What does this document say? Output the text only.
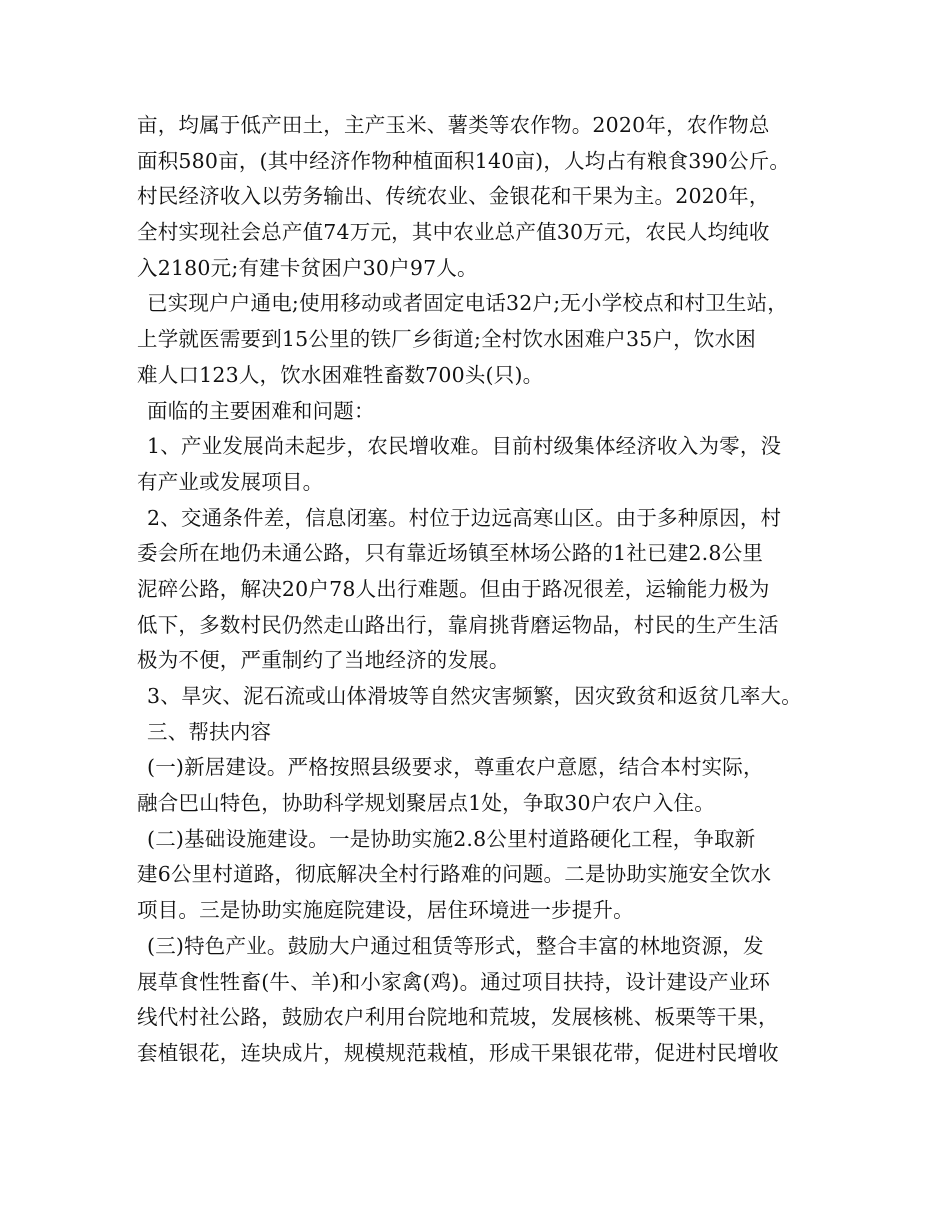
亩，均属于低产田土，主产玉米、薯类等农作物。2020年，农作物总
面积580亩，(其中经济作物种植面积140亩)，人均占有粮食390公斤。
村民经济收入以劳务输出、传统农业、金银花和干果为主。2020年，
全村实现社会总产值74万元，其中农业总产值30万元，农民人均纯收
入2180元;有建卡贫困户30户97人。
已实现户户通电;使用移动或者固定电话32户;无小学校点和村卫生站，
上学就医需要到15公里的铁厂乡街道;全村饮水困难户35户，饮水困
难人口123人，饮水困难牲畜数700头(只)。
面临的主要困难和问题：
1、产业发展尚未起步，农民增收难。目前村级集体经济收入为零，没
有产业或发展项目。
2、交通条件差，信息闭塞。村位于边远高寒山区。由于多种原因，村
委会所在地仍未通公路，只有靠近场镇至林场公路的1社已建2.8公里
泥碎公路，解决20户78人出行难题。但由于路况很差，运输能力极为
低下，多数村民仍然走山路出行，靠肩挑背磨运物品，村民的生产生活
极为不便，严重制约了当地经济的发展。
3、旱灾、泥石流或山体滑坡等自然灾害频繁，因灾致贫和返贫几率大。
三、帮扶内容
(一)新居建设。严格按照县级要求，尊重农户意愿，结合本村实际，
融合巴山特色，协助科学规划聚居点1处，争取30户农户入住。
(二)基础设施建设。一是协助实施2.8公里村道路硬化工程，争取新
建6公里村道路，彻底解决全村行路难的问题。二是协助实施安全饮水
项目。三是协助实施庭院建设，居住环境进一步提升。
(三)特色产业。鼓励大户通过租赁等形式，整合丰富的林地资源，发
展草食性牲畜(牛、羊)和小家禽(鸡)。通过项目扶持，设计建设产业环
线代村社公路，鼓励农户利用台院地和荒坡，发展核桃、板栗等干果，
套植银花，连块成片，规模规范栽植，形成干果银花带，促进村民增收
